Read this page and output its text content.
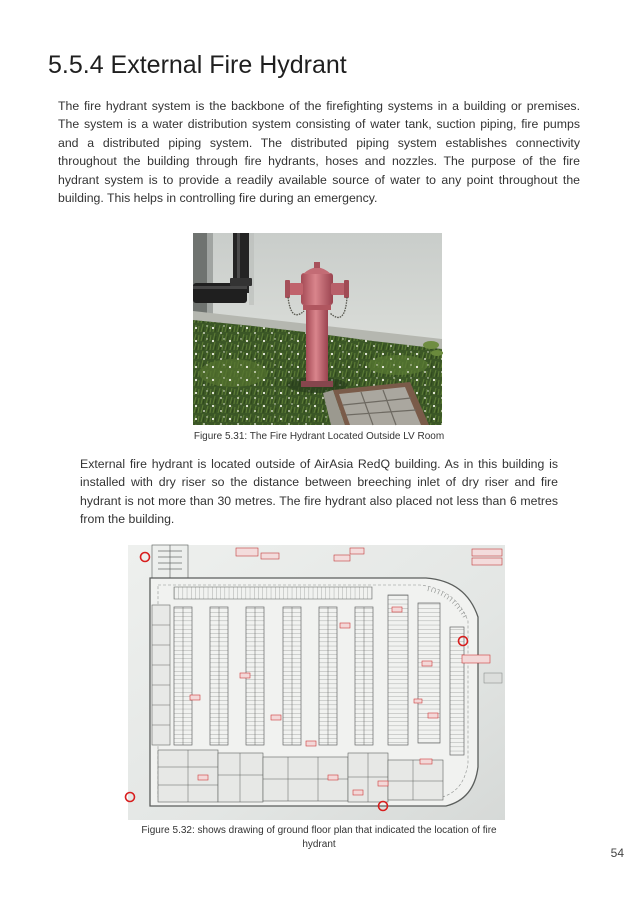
5.5.4 External Fire Hydrant

The fire hydrant system is the backbone of the firefighting systems in a building or premises. The system is a water distribution system consisting of water tank, suction piping, fire pumps and a distributed piping system. The distributed piping system establishes connectivity throughout the building through fire hydrants, hoses and nozzles. The purpose of the fire hydrant system is to provide a readily available source of water to any point throughout the building. This helps in controlling fire during an emergency.

Figure 5.31: The Fire Hydrant Located Outside LV Room

External fire hydrant is located outside of AirAsia RedQ building. As in this building is installed with dry riser so the distance between breeching inlet of dry riser and fire hydrant is not more than 30 metres. The fire hydrant also placed not less than 6 metres from the building.

Figure 5.32: shows drawing of ground floor plan that indicated the location of fire hydrant

54
